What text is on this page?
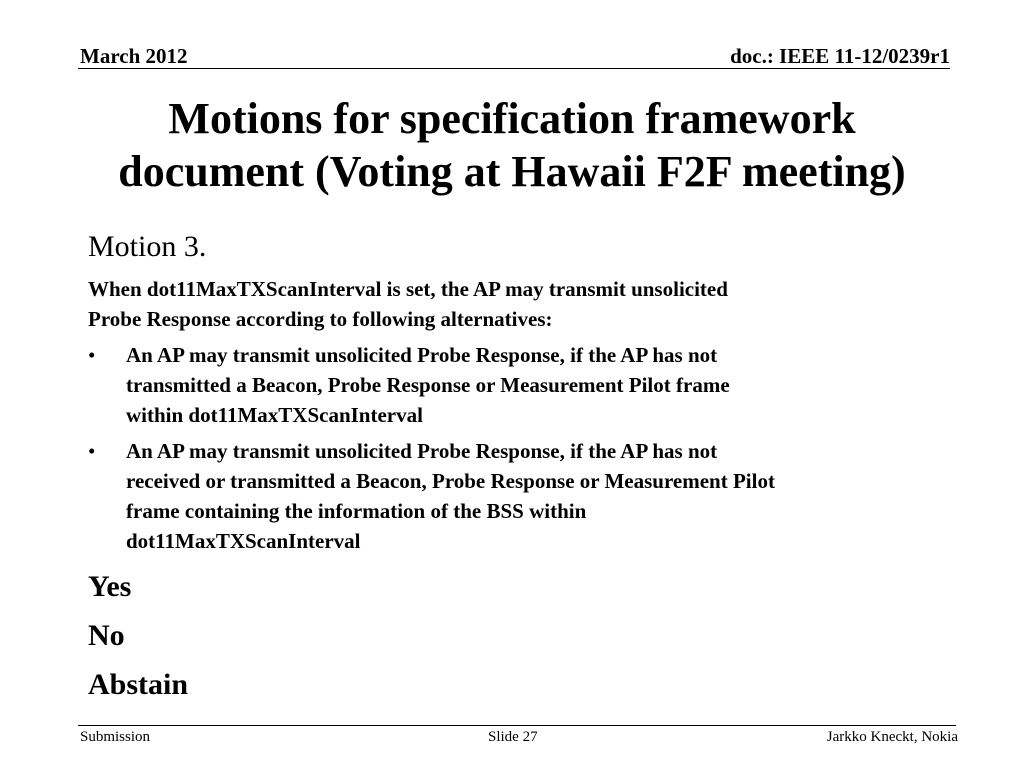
March 2012	doc.: IEEE 11-12/0239r1
Motions for specification framework
document (Voting at Hawaii F2F meeting)
Motion 3.
When dot11MaxTXScanInterval is set, the AP may transmit unsolicited
Probe Response according to following alternatives:
• An AP may transmit unsolicited Probe Response, if the AP has not
transmitted a Beacon, Probe Response or Measurement Pilot frame
within dot11MaxTXScanInterval
• An AP may transmit unsolicited Probe Response, if the AP has not
received or transmitted a Beacon, Probe Response or Measurement Pilot
frame containing the information of the BSS within
dot11MaxTXScanInterval
Yes
No
Abstain
Submission	Slide 27	Jarkko Kneckt, Nokia
